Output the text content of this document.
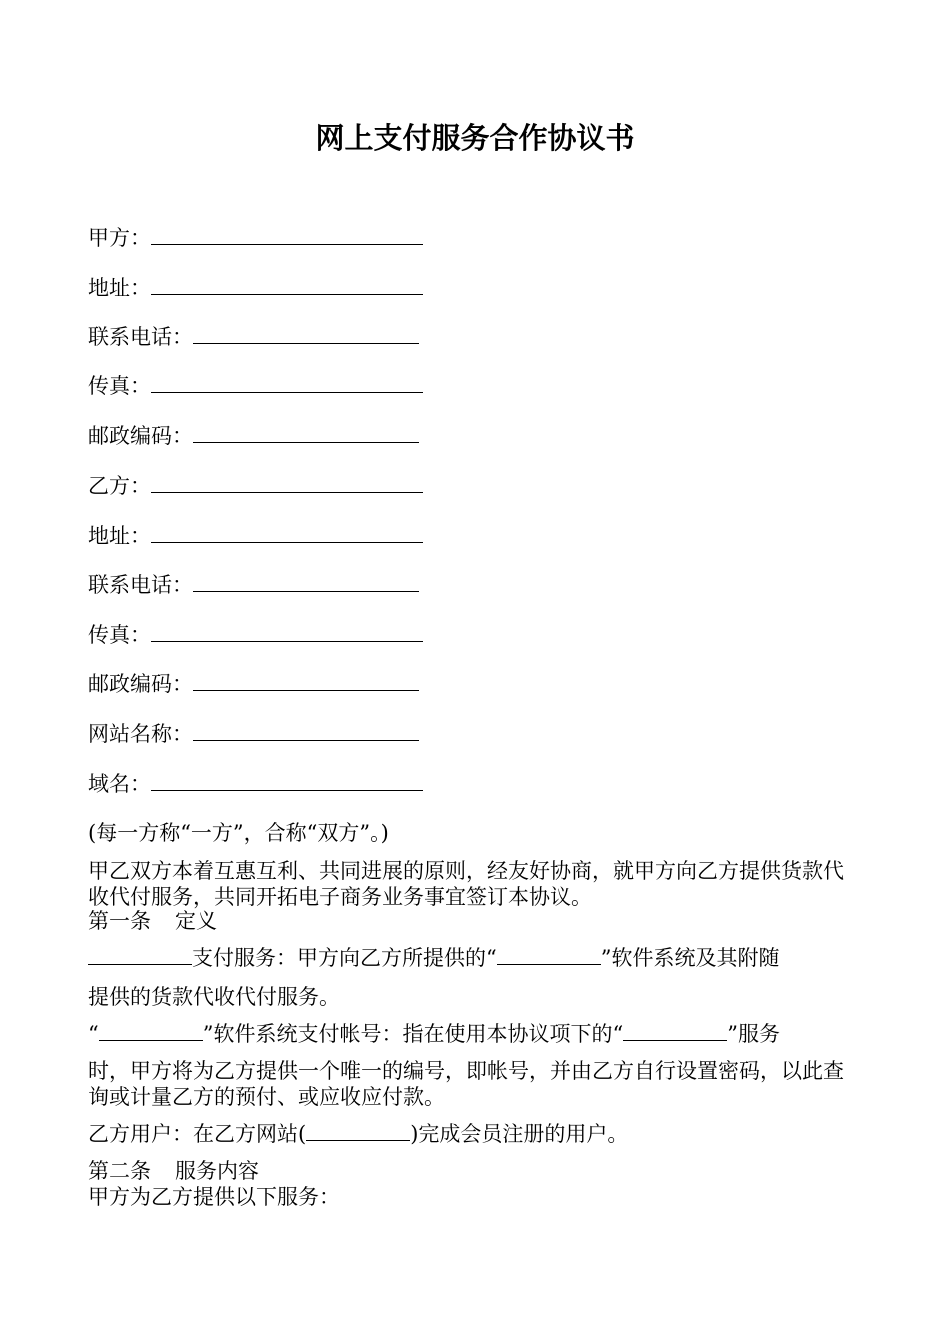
网上支付服务合作协议书
甲方：
地址：
联系电话：
传真：
邮政编码：
乙方：
地址：
联系电话：
传真：
邮政编码：
网站名称：
域名：
(每一方称“一方”，合称“双方”。)
甲乙双方本着互惠互利、共同进展的原则，经友好协商，就甲方向乙方提供货款代收代付服务，共同开拓电子商务业务事宜签订本协议。
第一条 定义
支付服务：甲方向乙方所提供的“	”软件系统及其附随
提供的货款代收代付服务。
“	”软件系统支付帐号：指在使用本协议项下的“	”服务
时，甲方将为乙方提供一个唯一的编号，即帐号，并由乙方自行设置密码，以此查询或计量乙方的预付、或应收应付款。
乙方用户：在乙方网站(	)完成会员注册的用户。
第二条 服务内容
甲方为乙方提供以下服务：
